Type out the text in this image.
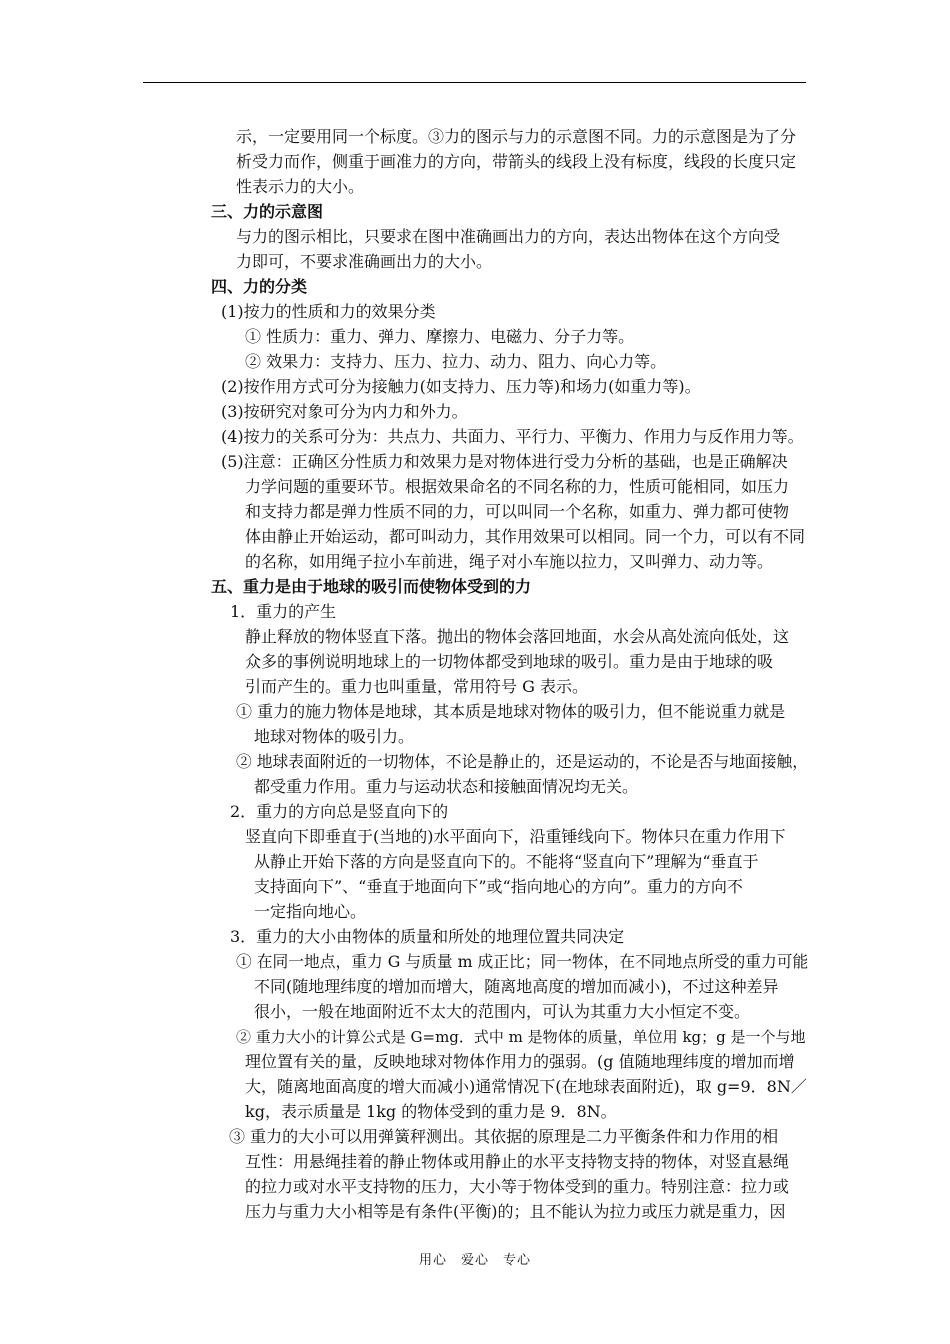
示，一定要用同一个标度。③力的图示与力的示意图不同。力的示意图是为了分
析受力而作，侧重于画准力的方向，带箭头的线段上没有标度，线段的长度只定
性表示力的大小。
三、力的示意图
与力的图示相比，只要求在图中准确画出力的方向，表达出物体在这个方向受
力即可，不要求准确画出力的大小。
四、力的分类
(1)按力的性质和力的效果分类
① 性质力：重力、弹力、摩擦力、电磁力、分子力等。
② 效果力：支持力、压力、拉力、动力、阻力、向心力等。
(2)按作用方式可分为接触力(如支持力、压力等)和场力(如重力等)。
(3)按研究对象可分为内力和外力。
(4)按力的关系可分为：共点力、共面力、平行力、平衡力、作用力与反作用力等。
(5)注意：正确区分性质力和效果力是对物体进行受力分析的基础，也是正确解决
力学问题的重要环节。根据效果命名的不同名称的力，性质可能相同，如压力
和支持力都是弹力性质不同的力，可以叫同一个名称，如重力、弹力都可使物
体由静止开始运动，都可叫动力，其作用效果可以相同。同一个力，可以有不同
的名称，如用绳子拉小车前进，绳子对小车施以拉力，又叫弹力、动力等。
五、重力是由于地球的吸引而使物体受到的力
1．重力的产生
静止释放的物体竖直下落。抛出的物体会落回地面，水会从高处流向低处，这
众多的事例说明地球上的一切物体都受到地球的吸引。重力是由于地球的吸
引而产生的。重力也叫重量，常用符号 G 表示。
① 重力的施力物体是地球，其本质是地球对物体的吸引力，但不能说重力就是
地球对物体的吸引力。
② 地球表面附近的一切物体，不论是静止的，还是运动的，不论是否与地面接触，
都受重力作用。重力与运动状态和接触面情况均无关。
2．重力的方向总是竖直向下的
竖直向下即垂直于(当地的)水平面向下，沿重锤线向下。物体只在重力作用下
从静止开始下落的方向是竖直向下的。不能将“竖直向下”理解为“垂直于
支持面向下”、“垂直于地面向下”或“指向地心的方向”。重力的方向不
一定指向地心。
3．重力的大小由物体的质量和所处的地理位置共同决定
① 在同一地点，重力 G 与质量 m 成正比；同一物体，在不同地点所受的重力可能
不同(随地理纬度的增加而增大，随离地高度的增加而减小)，不过这种差异
很小，一般在地面附近不太大的范围内，可认为其重力大小恒定不变。
② 重力大小的计算公式是 G=mg．式中 m 是物体的质量，单位用 kg；g 是一个与地
理位置有关的量，反映地球对物体作用力的强弱。(g 值随地理纬度的增加而增
大，随离地面高度的增大而减小)通常情况下(在地球表面附近)，取 g=9．8N／
kg，表示质量是 1kg 的物体受到的重力是 9．8N。
③ 重力的大小可以用弹簧秤测出。其依据的原理是二力平衡条件和力作用的相
互性：用悬绳挂着的静止物体或用静止的水平支持物支持的物体，对竖直悬绳
的拉力或对水平支持物的压力，大小等于物体受到的重力。特别注意：拉力或
压力与重力大小相等是有条件(平衡)的；且不能认为拉力或压力就是重力，因
用心　爱心　专心
